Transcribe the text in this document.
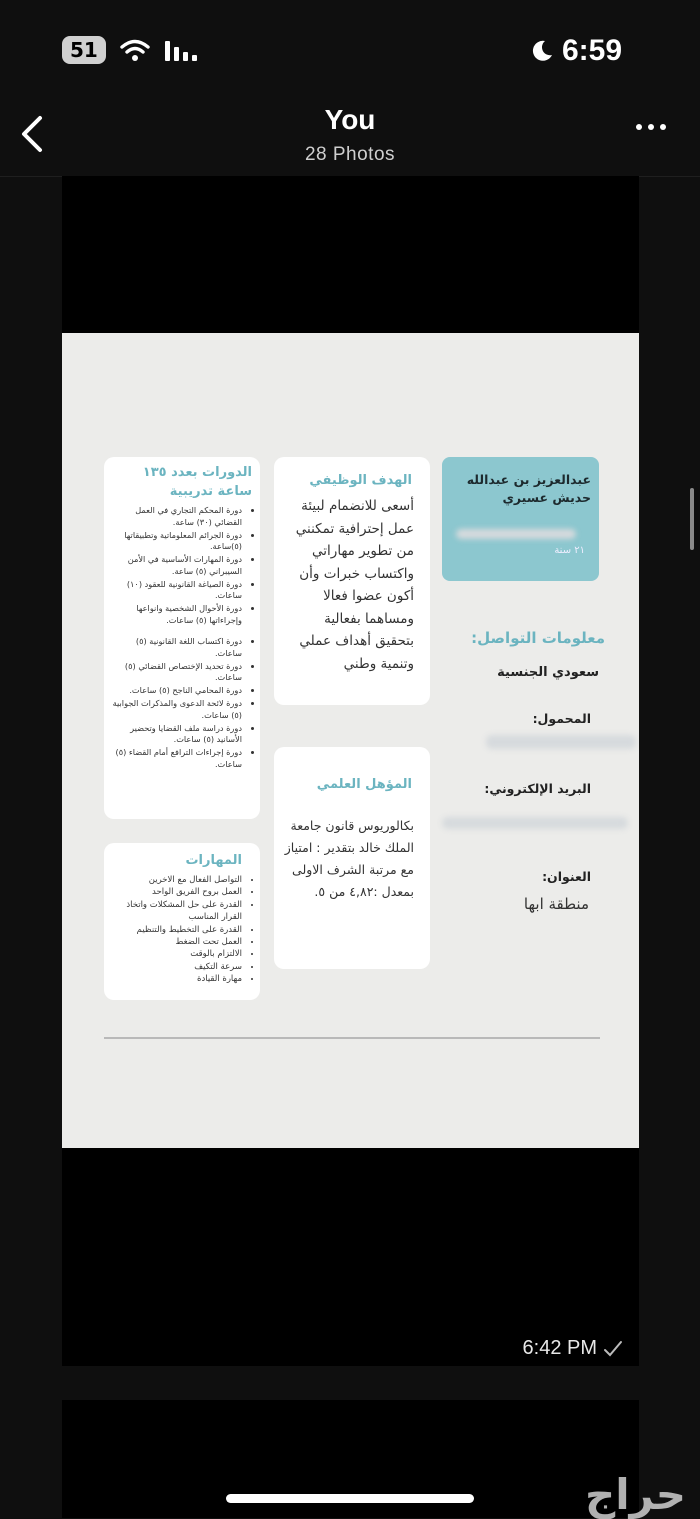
51	6:59
You
28 Photos
عبدالعزيز بن عبدالله حديش عسيري
٢١ سنة
معلومات التواصل:
سعودي الجنسية
المحمول:
البريد الإلكتروني:
العنوان:
منطقة ابها
الهدف الوظيفي
أسعى للانضمام لبيئة عمل إحترافية تمكنني من تطوير مهاراتي واكتساب خبرات وأن أكون عضوا فعالا ومساهما بفعالية بتحقيق أهداف عملي وتنمية وطني
المؤهل العلمي
بكالوريوس قانون جامعة الملك خالد بتقدير : امتياز مع مرتبة الشرف الاولى بمعدل :٤,٨٢ من ٥.
الدورات بعدد ١٣٥ ساعة تدريبية
• دورة المحكم التجاري في العمل القضائي (٣٠) ساعة.
• دورة الجرائم المعلوماتية وتطبيقاتها (٥)ساعة.
• دورة المهارات الأساسية في الأمن السيبراني (٥) ساعة.
• دورة الصياغة القانونية للعقود (١٠) ساعات.
• دورة الأحوال الشخصية وانواعها وإجراءاتها (٥) ساعات.
• دورة اكتساب اللغة القانونية (٥) ساعات.
• دورة تحديد الإختصاص القضائي (٥) ساعات.
• دورة المحامي الناجح (٥) ساعات.
• دورة لائحة الدعوى والمذكرات الجوابية (٥) ساعات.
• دورة دراسة ملف القضايا وتحضير الأسانيد (٥) ساعات.
• دورة إجراءات الترافع أمام القضاء (٥) ساعات.
المهارات
• التواصل الفعال مع الاخرين
• العمل بروح الفريق الواحد
• القدرة على حل المشكلات واتخاذ القرار المناسب
• القدرة على التخطيط والتنظيم
• العمل تحت الضغط
• الالتزام بالوقت
• سرعة التكيف
• مهارة القيادة
6:42 PM
حراج
